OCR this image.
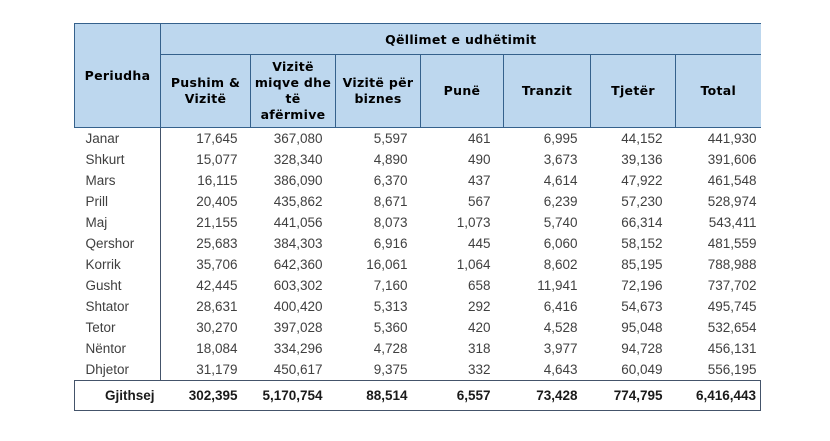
Periudha	Qëllimet e udhëtimit						
	Pushim & Vizitë	Vizitë miqve dhe të afërmive	Vizitë për biznes	Punë	Tranzit	Tjetër	Total
Janar	17,645	367,080	5,597	461	6,995	44,152	441,930
Shkurt	15,077	328,340	4,890	490	3,673	39,136	391,606
Mars	16,115	386,090	6,370	437	4,614	47,922	461,548
Prill	20,405	435,862	8,671	567	6,239	57,230	528,974
Maj	21,155	441,056	8,073	1,073	5,740	66,314	543,411
Qershor	25,683	384,303	6,916	445	6,060	58,152	481,559
Korrik	35,706	642,360	16,061	1,064	8,602	85,195	788,988
Gusht	42,445	603,302	7,160	658	11,941	72,196	737,702
Shtator	28,631	400,420	5,313	292	6,416	54,673	495,745
Tetor	30,270	397,028	5,360	420	4,528	95,048	532,654
Nëntor	18,084	334,296	4,728	318	3,977	94,728	456,131
Dhjetor	31,179	450,617	9,375	332	4,643	60,049	556,195
Gjithsej	302,395	5,170,754	88,514	6,557	73,428	774,795	6,416,443
